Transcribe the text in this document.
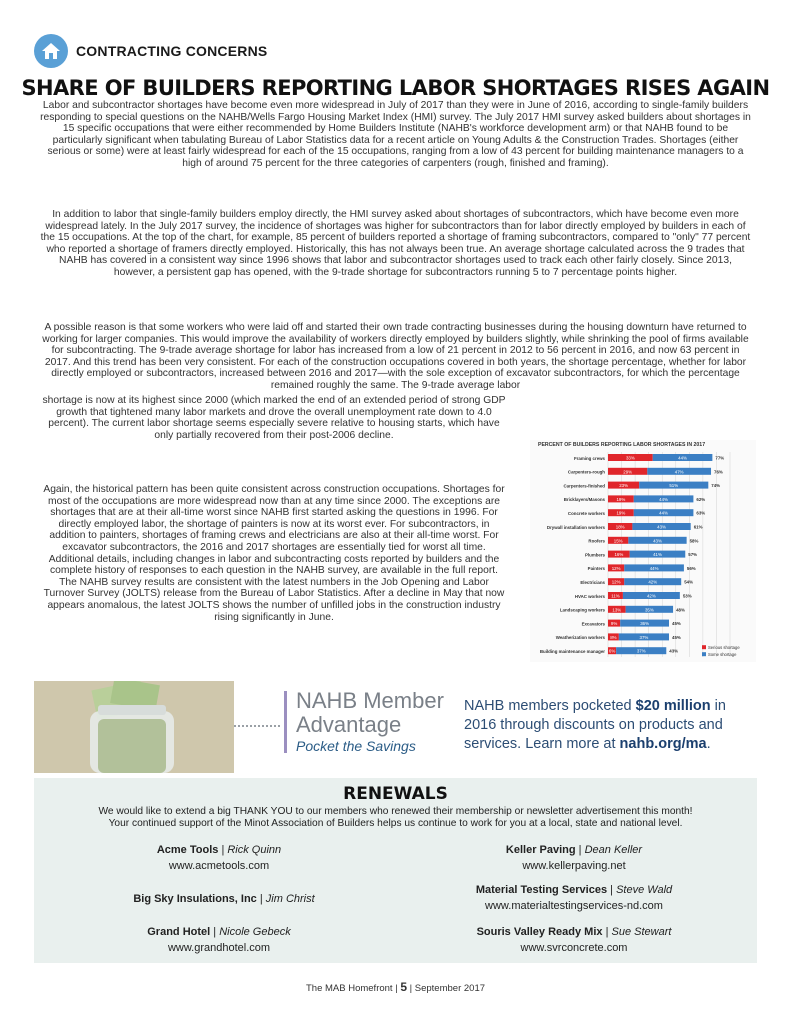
CONTRACTING CONCERNS
SHARE OF BUILDERS REPORTING LABOR SHORTAGES RISES AGAIN

Labor and subcontractor shortages have become even more widespread in July of 2017 than they were in June of 2016, according to single-family builders responding to special questions on the NAHB/Wells Fargo Housing Market Index (HMI) survey. The July 2017 HMI survey asked builders about shortages in 15 specific occupations that were either recommended by Home Builders Institute (NAHB's workforce development arm) or that NAHB found to be particularly significant when tabulating Bureau of Labor Statistics data for a recent article on Young Adults & the Construction Trades. Shortages (either serious or some) were at least fairly widespread for each of the 15 occupations, ranging from a low of 43 percent for building maintenance managers to a high of around 75 percent for the three categories of carpenters (rough, finished and framing).

In addition to labor that single-family builders employ directly, the HMI survey asked about shortages of subcontractors, which have become even more widespread lately. In the July 2017 survey, the incidence of shortages was higher for subcontractors than for labor directly employed by builders in each of the 15 occupations. At the top of the chart, for example, 85 percent of builders reported a shortage of framing subcontractors, compared to "only" 77 percent who reported a shortage of framers directly employed. Historically, this has not always been true. An average shortage calculated across the 9 trades that NAHB has covered in a consistent way since 1996 shows that labor and subcontractor shortages used to track each other fairly closely. Since 2013, however, a persistent gap has opened, with the 9-trade shortage for subcontractors running 5 to 7 percentage points higher.

A possible reason is that some workers who were laid off and started their own trade contracting businesses during the housing downturn have returned to working for larger companies. This would improve the availability of workers directly employed by builders slightly, while shrinking the pool of firms available for subcontracting. The 9-trade average shortage for labor has increased from a low of 21 percent in 2012 to 56 percent in 2016, and now 63 percent in 2017. And this trend has been very consistent. For each of the construction occupations covered in both years, the shortage percentage, whether for labor directly employed or subcontractors, increased between 2016 and 2017—with the sole exception of excavator subcontractors, for which the percentage remained roughly the same. The 9-trade average labor

shortage is now at its highest since 2000 (which marked the end of an extended period of strong GDP growth that tightened many labor markets and drove the overall unemployment rate down to 4.0 percent). The current labor shortage seems especially severe relative to housing starts, which have only partially recovered from their post-2006 decline.

Again, the historical pattern has been quite consistent across construction occupations. Shortages for most of the occupations are more widespread now than at any time since 2000. The exceptions are shortages that are at their all-time worst since NAHB first started asking the questions in 1996. For directly employed labor, the shortage of painters is now at its worst ever. For subcontractors, in addition to painters, shortages of framing crews and electricians are also at their all-time worst. For excavator subcontractors, the 2016 and 2017 shortages are essentially tied for worst all time. Additional details, including changes in labor and subcontracting costs reported by builders and the complete history of responses to each question in the NAHB survey, are available in the full report. The NAHB survey results are consistent with the latest numbers in the Job Opening and Labor Turnover Survey (JOLTS) release from the Bureau of Labor Statistics. After a decline in May that now appears anomalous, the latest JOLTS shows the number of unfilled jobs in the construction industry rising significantly in June.

PERCENT OF BUILDERS REPORTING LABOR SHORTAGES IN 2017
Framing crews	33%	44%	77%
Carpenters-rough	29%	47%	76%
Carpenters-finished	23%	51%	74%
Bricklayers/Masons	19%	44%	62%
Concrete workers	19%	44%	63%
Drywall installation workers 18%	43%	61%
Roofers 15%	43%	58%
Plumbers 16%	41%	57%
Painters 12%	44%	56%
Electricians 12%	42%	54%
HVAC workers 11%	42%	53%
Landscaping workers 13%	35%	48%
Excavators 9%	36%	45%
Weatherization workers 8%	37%	45%
Building maintenance manager 6%	37%	43%
Serious shortage
Some shortage
NAHB Member
Advantage
Pocket the Savings
NAHB members pocketed $20 million in 2016 through discounts on products and services. Learn more at nahb.org/ma.
RENEWALS
We would like to extend a big THANK YOU to our members who renewed their membership or newsletter advertisement this month!
Your continued support of the Minot Association of Builders helps us continue to work for you at a local, state and national level.
Acme Tools | Rick Quinn
www.acmetools.com
Keller Paving | Dean Keller
www.kellerpaving.net
Big Sky Insulations, Inc | Jim Christ
Material Testing Services | Steve Wald
www.materialtestingservices-nd.com
Grand Hotel | Nicole Gebeck
www.grandhotel.com
Souris Valley Ready Mix | Sue Stewart
www.svrconcrete.com
The MAB Homefront | 5 | September 2017
